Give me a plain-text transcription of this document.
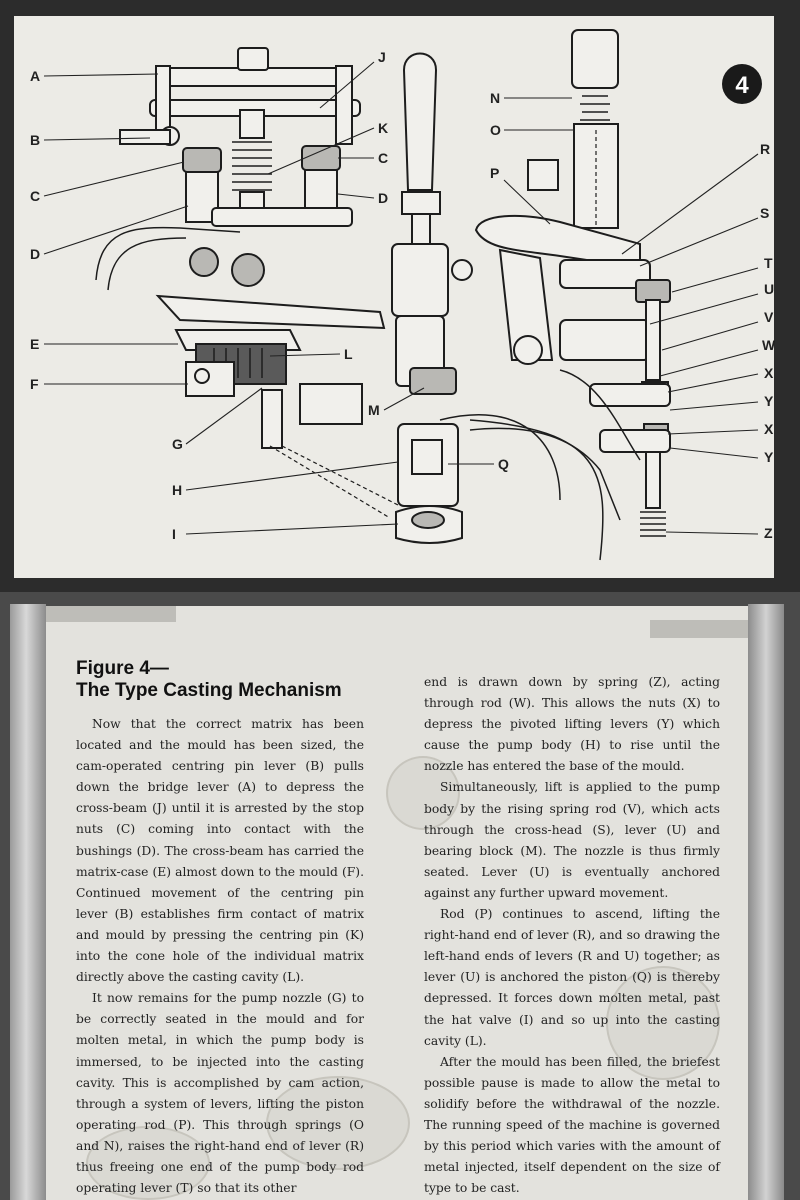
4
A
B
C
D
E
F
G
H
I
J
K
C
D
L
M
N
O
P
Q
R
S
T
U
V
W
X
Y
X
Y
Z
Figure 4—
The Type Casting Mechanism

Now that the correct matrix has been located and the mould has been sized, the cam-operated centring pin lever (B) pulls down the bridge lever (A) to depress the cross-beam (J) until it is arrested by the stop nuts (C) coming into contact with the bushings (D). The cross-beam has carried the matrix-case (E) almost down to the mould (F). Continued movement of the centring pin lever (B) establishes firm contact of matrix and mould by pressing the centring pin (K) into the cone hole of the individual matrix directly above the casting cavity (L).

It now remains for the pump nozzle (G) to be correctly seated in the mould and for molten metal, in which the pump body is immersed, to be injected into the casting cavity. This is accomplished by cam action, through a system of levers, lifting the piston operating rod (P). This through springs (O and N), raises the right-hand end of lever (R) thus freeing one end of the pump body rod operating lever (T) so that its other

end is drawn down by spring (Z), acting through rod (W). This allows the nuts (X) to depress the pivoted lifting levers (Y) which cause the pump body (H) to rise until the nozzle has entered the base of the mould.

Simultaneously, lift is applied to the pump body by the rising spring rod (V), which acts through the cross-head (S), lever (U) and bearing block (M). The nozzle is thus firmly seated. Lever (U) is eventually anchored against any further upward movement.

Rod (P) continues to ascend, lifting the right-hand end of lever (R), and so drawing the left-hand ends of levers (R and U) together; as lever (U) is anchored the piston (Q) is thereby depressed. It forces down molten metal, past the hat valve (I) and so up into the casting cavity (L).

After the mould has been filled, the briefest possible pause is made to allow the metal to solidify before the withdrawal of the nozzle. The running speed of the machine is governed by this period which varies with the amount of metal injected, itself dependent on the size of type to be cast.
